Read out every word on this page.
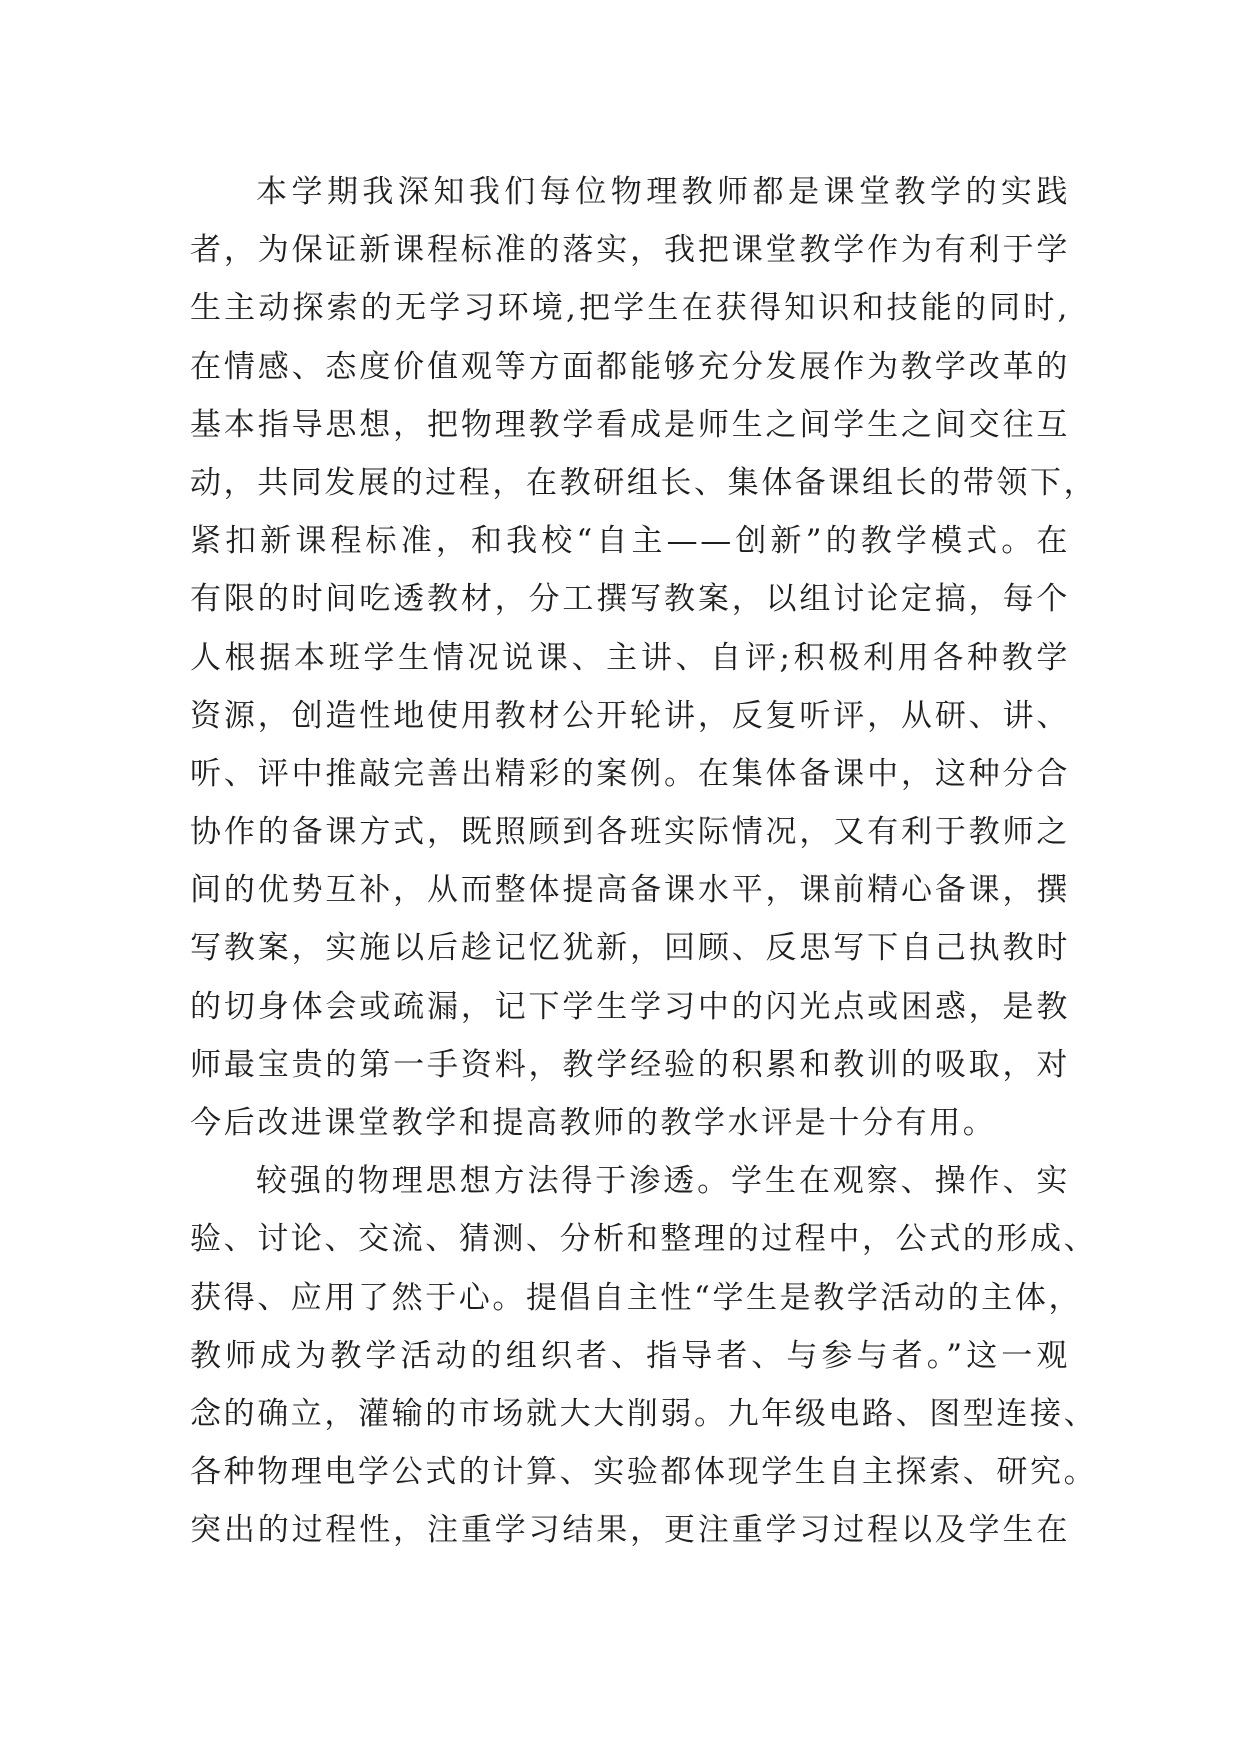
本学期我深知我们每位物理教师都是课堂教学的实践
者，为保证新课程标准的落实，我把课堂教学作为有利于学
生主动探索的无学习环境,把学生在获得知识和技能的同时,
在情感、态度价值观等方面都能够充分发展作为教学改革的
基本指导思想，把物理教学看成是师生之间学生之间交往互
动，共同发展的过程，在教研组长、集体备课组长的带领下，
紧扣新课程标准，和我校“自主——创新”的教学模式。在
有限的时间吃透教材，分工撰写教案，以组讨论定搞，每个
人根据本班学生情况说课、主讲、自评;积极利用各种教学
资源，创造性地使用教材公开轮讲，反复听评，从研、讲、
听、评中推敲完善出精彩的案例。在集体备课中，这种分合
协作的备课方式，既照顾到各班实际情况，又有利于教师之
间的优势互补，从而整体提高备课水平，课前精心备课，撰
写教案，实施以后趁记忆犹新，回顾、反思写下自己执教时
的切身体会或疏漏，记下学生学习中的闪光点或困惑，是教
师最宝贵的第一手资料，教学经验的积累和教训的吸取，对
今后改进课堂教学和提高教师的教学水评是十分有用。
较强的物理思想方法得于渗透。学生在观察、操作、实
验、讨论、交流、猜测、分析和整理的过程中，公式的形成、
获得、应用了然于心。提倡自主性“学生是教学活动的主体，
教师成为教学活动的组织者、指导者、与参与者。”这一观
念的确立，灌输的市场就大大削弱。九年级电路、图型连接、
各种物理电学公式的计算、实验都体现学生自主探索、研究。
突出的过程性，注重学习结果，更注重学习过程以及学生在
